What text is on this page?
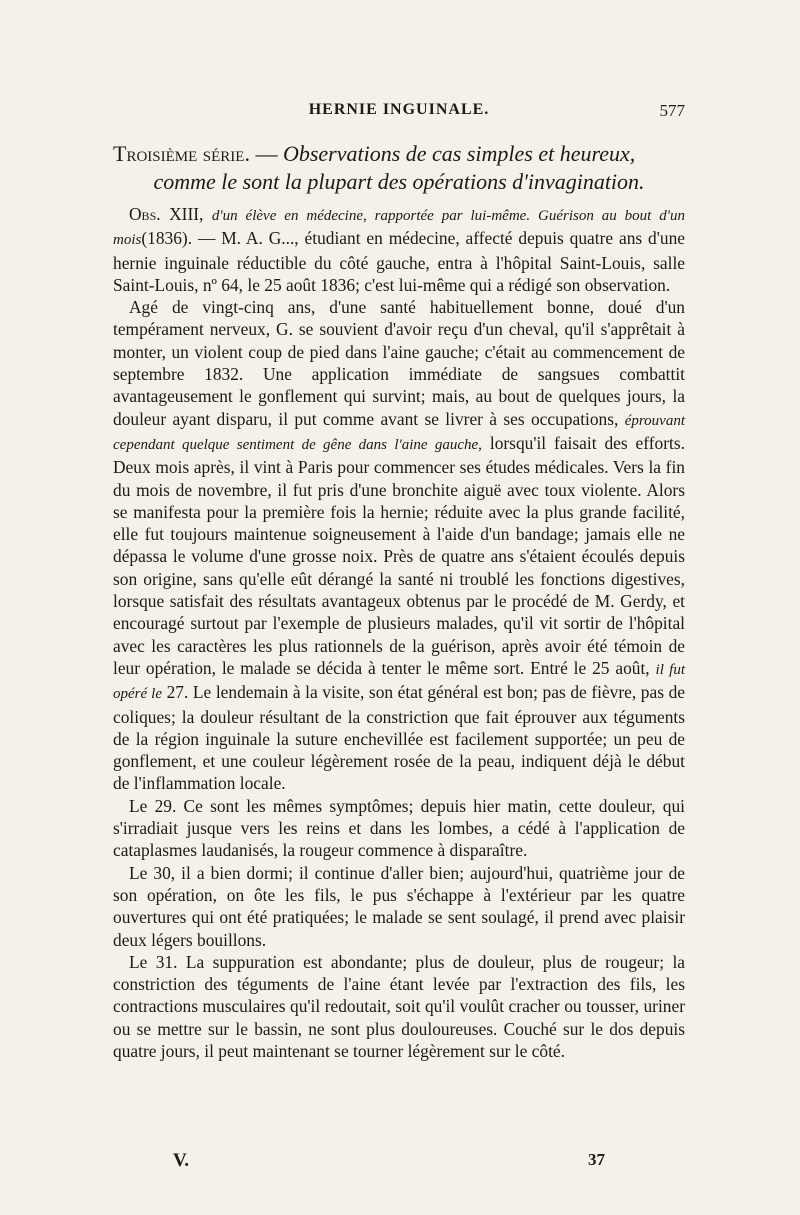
HERNIE INGUINALE.	577
Troisième série. — Observations de cas simples et heureux,
comme le sont la plupart des opérations d'invagination.

Obs. XIII, d'un élève en médecine, rapportée par lui-même. Guérison au bout d'un mois(1836). — M. A. G..., étudiant en médecine, affecté depuis quatre ans d'une hernie inguinale réductible du côté gauche, entra à l'hôpital Saint-Louis, salle Saint-Louis, nº 64, le 25 août 1836; c'est lui-même qui a rédigé son observation.

Agé de vingt-cinq ans, d'une santé habituellement bonne, doué d'un tempérament nerveux, G. se souvient d'avoir reçu d'un cheval, qu'il s'apprêtait à monter, un violent coup de pied dans l'aine gauche; c'était au commencement de septembre 1832. Une application immédiate de sangsues combattit avantageusement le gonflement qui survint; mais, au bout de quelques jours, la douleur ayant disparu, il put comme avant se livrer à ses occupations, éprouvant cependant quelque sentiment de gêne dans l'aine gauche, lorsqu'il faisait des efforts. Deux mois après, il vint à Paris pour commencer ses études médicales. Vers la fin du mois de novembre, il fut pris d'une bronchite aiguë avec toux violente. Alors se manifesta pour la première fois la hernie; réduite avec la plus grande facilité, elle fut toujours maintenue soigneusement à l'aide d'un bandage; jamais elle ne dépassa le volume d'une grosse noix. Près de quatre ans s'étaient écoulés depuis son origine, sans qu'elle eût dérangé la santé ni troublé les fonctions digestives, lorsque satisfait des résultats avantageux obtenus par le procédé de M. Gerdy, et encouragé surtout par l'exemple de plusieurs malades, qu'il vit sortir de l'hôpital avec les caractères les plus rationnels de la guérison, après avoir été témoin de leur opération, le malade se décida à tenter le même sort. Entré le 25 août, il fut opéré le 27. Le lendemain à la visite, son état général est bon; pas de fièvre, pas de coliques; la douleur résultant de la constriction que fait éprouver aux téguments de la région inguinale la suture enchevillée est facilement supportée; un peu de gonflement, et une couleur légèrement rosée de la peau, indiquent déjà le début de l'inflammation locale.

Le 29. Ce sont les mêmes symptômes; depuis hier matin, cette douleur, qui s'irradiait jusque vers les reins et dans les lombes, a cédé à l'application de cataplasmes laudanisés, la rougeur commence à disparaître.

Le 30, il a bien dormi; il continue d'aller bien; aujourd'hui, quatrième jour de son opération, on ôte les fils, le pus s'échappe à l'extérieur par les quatre ouvertures qui ont été pratiquées; le malade se sent soulagé, il prend avec plaisir deux légers bouillons.

Le 31. La suppuration est abondante; plus de douleur, plus de rougeur; la constriction des téguments de l'aine étant levée par l'extraction des fils, les contractions musculaires qu'il redoutait, soit qu'il voulût cracher ou tousser, uriner ou se mettre sur le bassin, ne sont plus douloureuses. Couché sur le dos depuis quatre jours, il peut maintenant se tourner légèrement sur le côté.

V.	37
